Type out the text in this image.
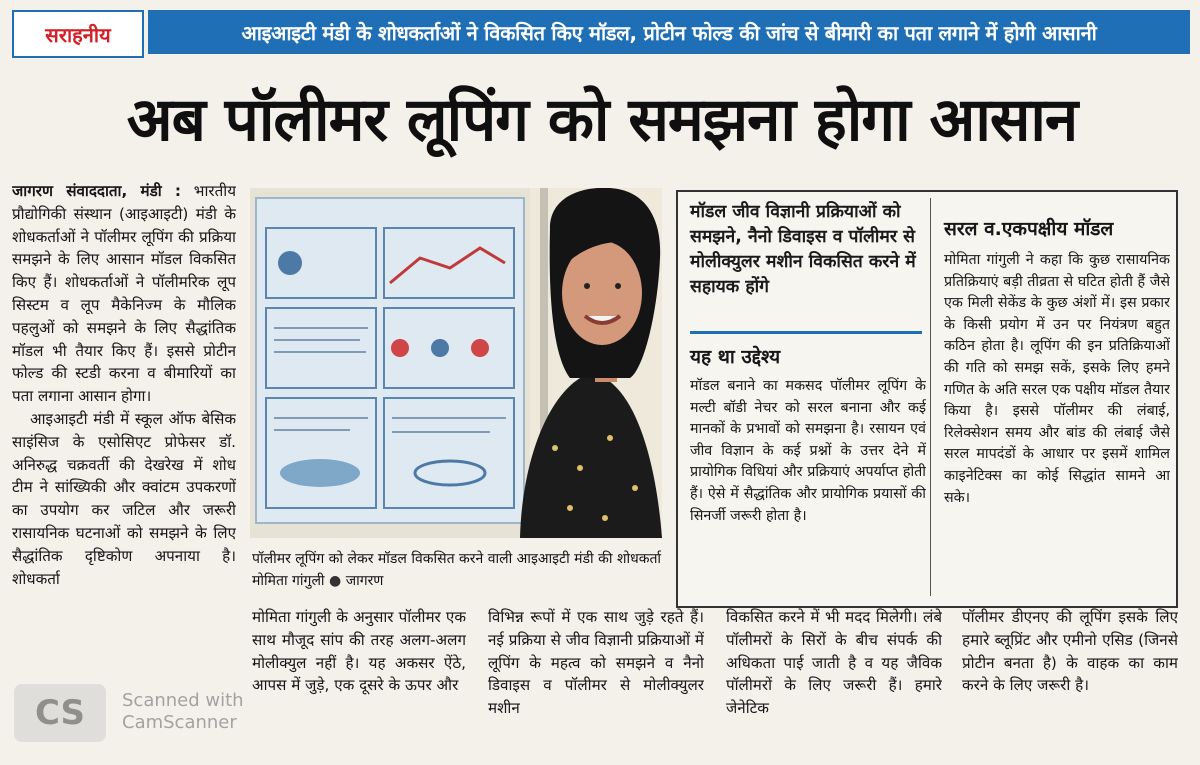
सराहनीय	आइआइटी मंडी के शोधकर्ताओं ने विकसित किए मॉडल, प्रोटीन फोल्ड की जांच से बीमारी का पता लगाने में होगी आसानी
अब पॉलीमर लूपिंग को समझना होगा आसान

जागरण संवाददाता, मंडी : भारतीय प्रौद्योगिकी संस्थान (आइआइटी) मंडी के शोधकर्ताओं ने पॉलीमर लूपिंग की प्रक्रिया समझने के लिए आसान मॉडल विकसित किए हैं। शोधकर्ताओं ने पॉलीमरिक लूप सिस्टम व लूप मैकेनिज्म के मौलिक पहलुओं को समझने के लिए सैद्धांतिक मॉडल भी तैयार किए हैं। इससे प्रोटीन फोल्ड की स्टडी करना व बीमारियों का पता लगाना आसान होगा।

आइआइटी मंडी में स्कूल ऑफ बेसिक साइंसिज के एसोसिएट प्रोफेसर डॉ. अनिरुद्ध चक्रवर्ती की देखरेख में शोध टीम ने सांख्यिकी और क्वांटम उपकरणों का उपयोग कर जटिल और जरूरी रासायनिक घटनाओं को समझने के लिए सैद्धांतिक दृष्टिकोण अपनाया है। शोधकर्ता

पॉलीमर लूपिंग को लेकर मॉडल विकसित करने वाली आइआइटी मंडी की शोधकर्ता मोमिता गांगुली ● जागरण

मोमिता गांगुली के अनुसार पॉलीमर एक साथ मौजूद सांप की तरह अलग-अलग मोलीक्युल नहीं है। यह अकसर ऐंठे, आपस में जुड़े, एक दूसरे के ऊपर और

विभिन्न रूपों में एक साथ जुड़े रहते हैं। नई प्रक्रिया से जीव विज्ञानी प्रक्रियाओं में लूपिंग के महत्व को समझने व नैनो डिवाइस व पॉलीमर से मोलीक्युलर मशीन

विकसित करने में भी मदद मिलेगी। लंबे पॉलीमरों के सिरों के बीच संपर्क की अधिकता पाई जाती है व यह जैविक पॉलीमरों के लिए जरूरी हैं। हमारे जेनेटिक

पॉलीमर डीएनए की लूपिंग इसके लिए हमारे ब्लूप्रिंट और एमीनो एसिड (जिनसे प्रोटीन बनता है) के वाहक का काम करने के लिए जरूरी है।

मॉडल जीव विज्ञानी प्रक्रियाओं को समझने, नैनो डिवाइस व पॉलीमर से मोलीक्युलर मशीन विकसित करने में सहायक होंगे
यह था उद्देश्य
मॉडल बनाने का मकसद पॉलीमर लूपिंग के मल्टी बॉडी नेचर को सरल बनाना और कई मानकों के प्रभावों को समझना है। रसायन एवं जीव विज्ञान के कई प्रश्नों के उत्तर देने में प्रायोगिक विधियां और प्रक्रियाएं अपर्याप्त होती हैं। ऐसे में सैद्धांतिक और प्रायोगिक प्रयासों की सिनर्जी जरूरी होता है।
सरल व.एकपक्षीय मॉडल
मोमिता गांगुली ने कहा कि कुछ रासायनिक प्रतिक्रियाएं बड़ी तीव्रता से घटित होती हैं जैसे एक मिली सेकेंड के कुछ अंशों में। इस प्रकार के किसी प्रयोग में उन पर नियंत्रण बहुत कठिन होता है। लूपिंग की इन प्रतिक्रियाओं की गति को समझ सकें, इसके लिए हमने गणित के अति सरल एक पक्षीय मॉडल तैयार किया है। इससे पॉलीमर की लंबाई, रिलेक्सेशन समय और बांड की लंबाई जैसे सरल मापदंडों के आधार पर इसमें शामिल काइनेटिक्स का कोई सिद्धांत सामने आ सके।
CS	Scanned with
CamScanner
